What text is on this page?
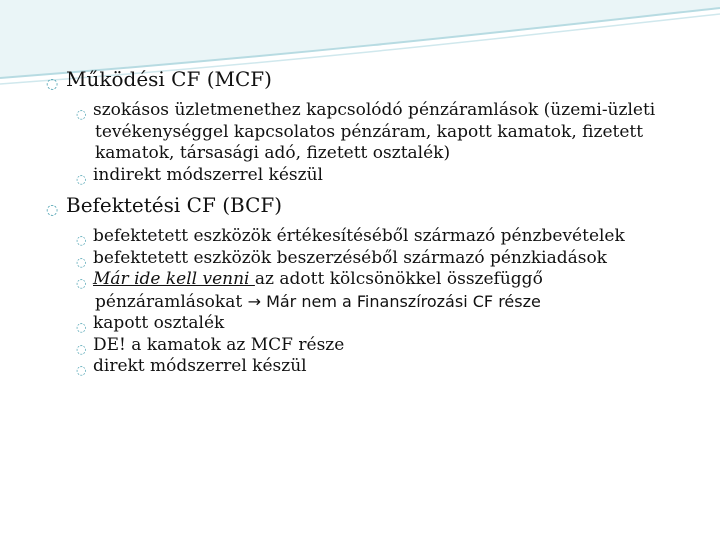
◌ Működési CF (MCF)
◌ szokásos üzletmenethez kapcsolódó pénzáramlások (üzemi-üzleti tevékenységgel kapcsolatos pénzáram, kapott kamatok, fizetett kamatok, társasági adó, fizetett osztalék)
◌ indirekt módszerrel készül
◌ Befektetési CF (BCF)
◌ befektetett eszközök értékesítéséből származó pénzbevételek
◌ befektetett eszközök beszerzéséből származó pénzkiadások
◌ Már ide kell venni az adott kölcsönökkel összefüggő pénzáramlásokat → Már nem a Finanszírozási CF része
◌ kapott osztalék
◌ DE! a kamatok az MCF része
◌ direkt módszerrel készül
